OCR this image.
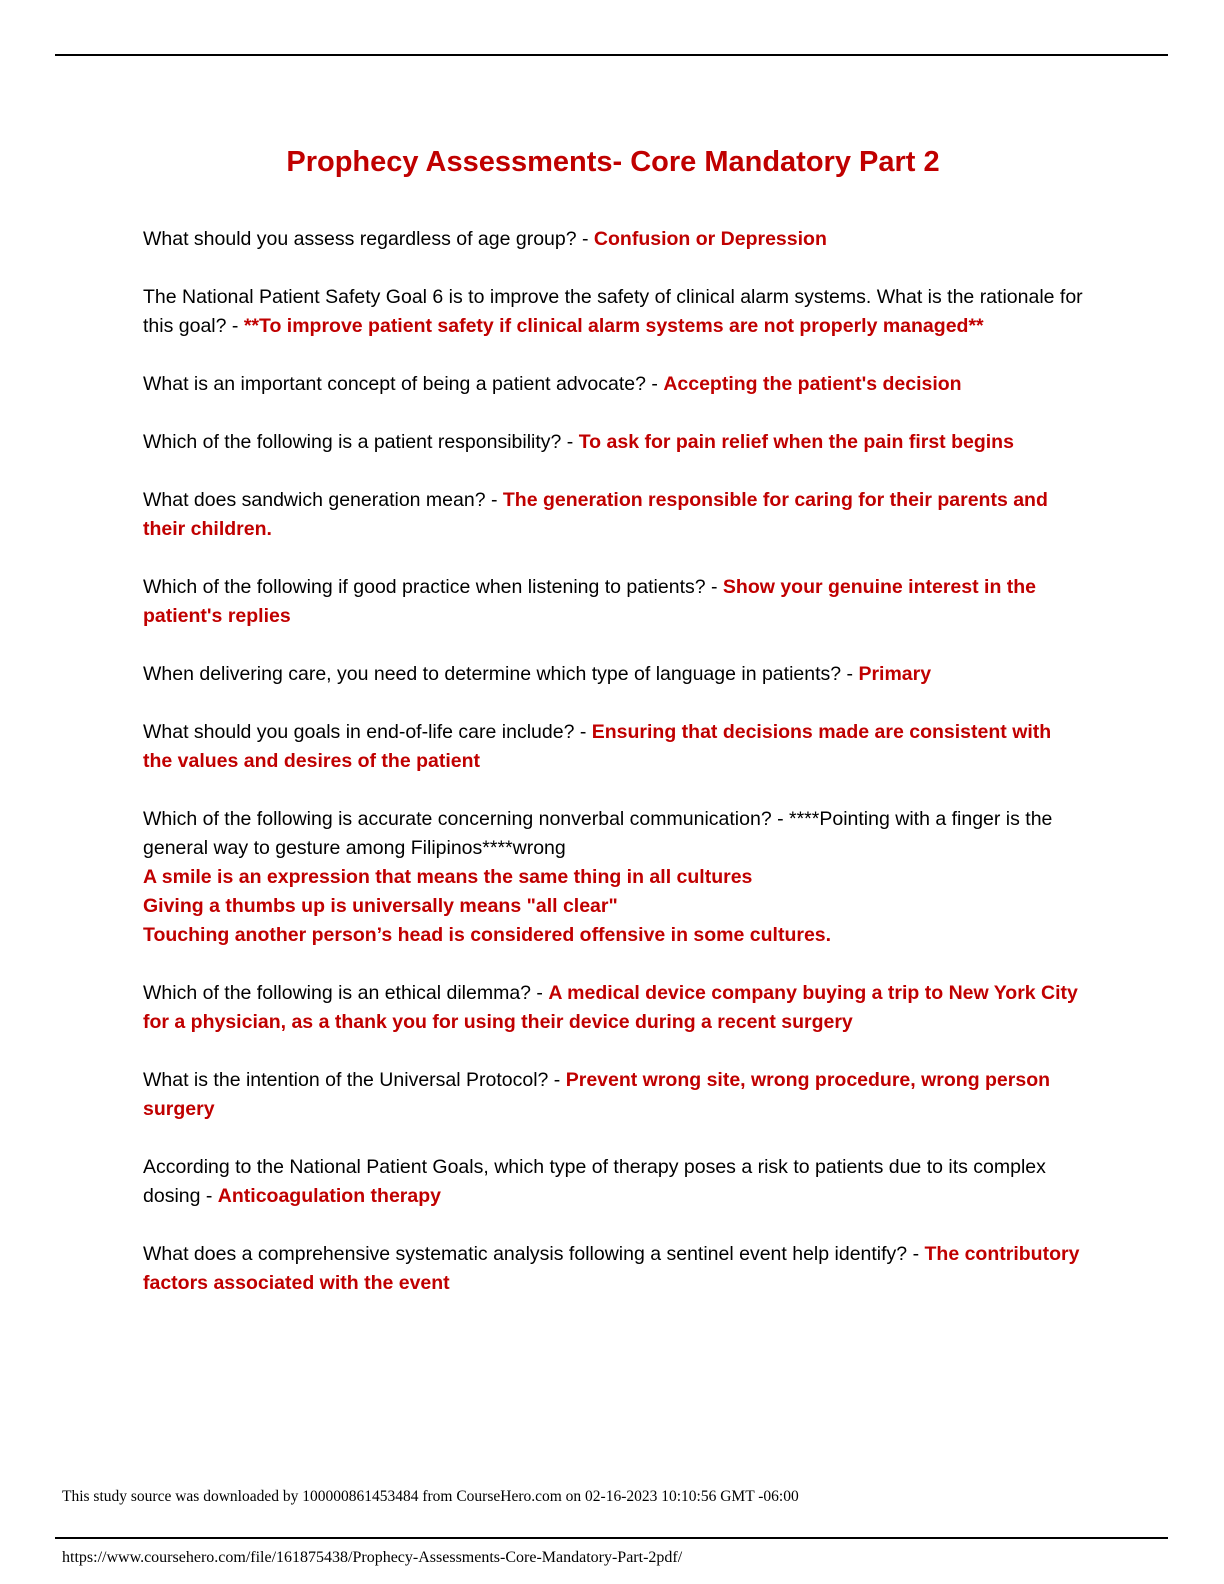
Prophecy Assessments- Core Mandatory Part 2

What should you assess regardless of age group? - Confusion or Depression

The National Patient Safety Goal 6 is to improve the safety of clinical alarm systems. What is the rationale for this goal? - **To improve patient safety if clinical alarm systems are not properly managed**

What is an important concept of being a patient advocate? - Accepting the patient's decision

Which of the following is a patient responsibility? - To ask for pain relief when the pain first begins

What does sandwich generation mean? - The generation responsible for caring for their parents and their children.

Which of the following if good practice when listening to patients? - Show your genuine interest in the patient's replies

When delivering care, you need to determine which type of language in patients? - Primary

What should you goals in end-of-life care include? - Ensuring that decisions made are consistent with the values and desires of the patient

Which of the following is accurate concerning nonverbal communication? - ****Pointing with a finger is the general way to gesture among Filipinos****wrong
A smile is an expression that means the same thing in all cultures
Giving a thumbs up is universally means "all clear"
Touching another person’s head is considered offensive in some cultures.

Which of the following is an ethical dilemma? - A medical device company buying a trip to New York City for a physician, as a thank you for using their device during a recent surgery

What is the intention of the Universal Protocol? - Prevent wrong site, wrong procedure, wrong person surgery

According to the National Patient Goals, which type of therapy poses a risk to patients due to its complex dosing - Anticoagulation therapy

What does a comprehensive systematic analysis following a sentinel event help identify? - The contributory factors associated with the event

This study source was downloaded by 100000861453484 from CourseHero.com on 02-16-2023 10:10:56 GMT -06:00
https://www.coursehero.com/file/161875438/Prophecy-Assessments-Core-Mandatory-Part-2pdf/
